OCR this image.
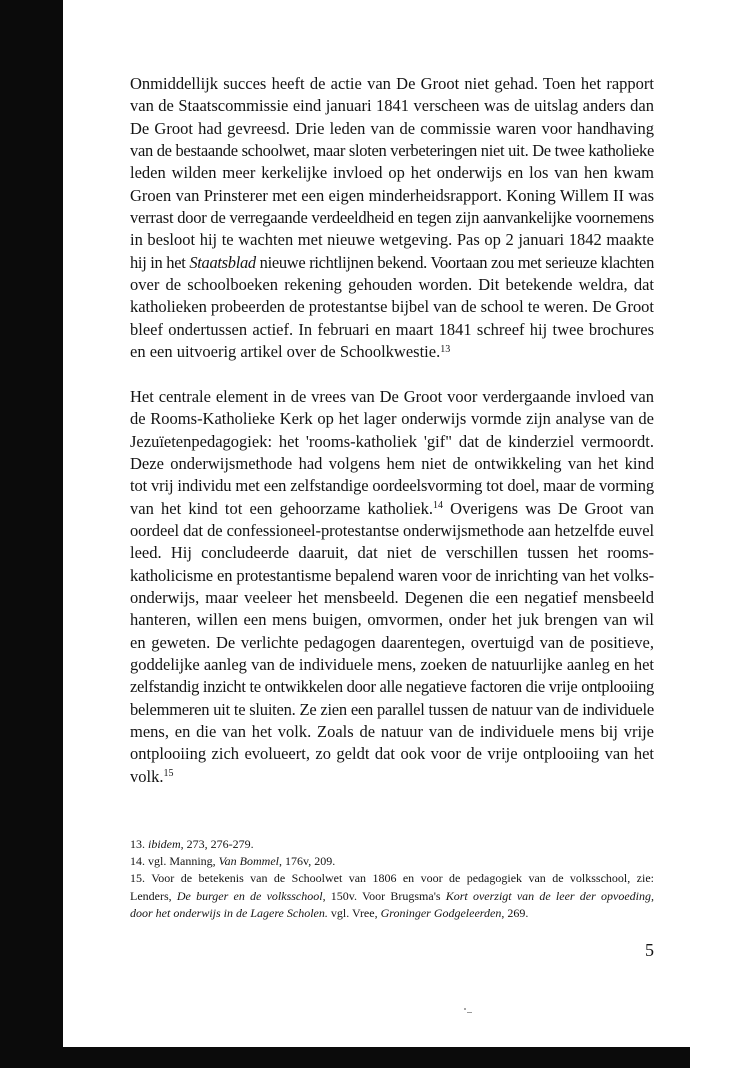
Onmiddellijk succes heeft de actie van De Groot niet gehad. Toen het rapport
van de Staatscommissie eind januari 1841 verscheen was de uitslag anders dan
De Groot had gevreesd. Drie leden van de commissie waren voor handhaving
van de bestaande schoolwet, maar sloten verbeteringen niet uit. De twee katholieke
leden wilden meer kerkelijke invloed op het onderwijs en los van hen kwam
Groen van Prinsterer met een eigen minderheidsrapport. Koning Willem II was
verrast door de verregaande verdeeldheid en tegen zijn aanvankelijke voornemens
in besloot hij te wachten met nieuwe wetgeving. Pas op 2 januari 1842 maakte
hij in het Staatsblad nieuwe richtlijnen bekend. Voortaan zou met serieuze klachten
over de schoolboeken rekening gehouden worden. Dit betekende weldra, dat
katholieken probeerden de protestantse bijbel van de school te weren. De Groot
bleef ondertussen actief. In februari en maart 1841 schreef hij twee brochures
en een uitvoerig artikel over de Schoolkwestie.$^{13}$
Het centrale element in de vrees van De Groot voor verdergaande invloed van
de Rooms-Katholieke Kerk op het lager onderwijs vormde zijn analyse van de
Jezuïetenpedagogiek: het 'rooms-katholiek 'gif" dat de kinderziel vermoordt.
Deze onderwijsmethode had volgens hem niet de ontwikkeling van het kind
tot vrij individu met een zelfstandige oordeelsvorming tot doel, maar de vorming
van het kind tot een gehoorzame katholiek.$^{14}$ Overigens was De Groot van
oordeel dat de confessioneel-protestantse onderwijsmethode aan hetzelfde euvel
leed. Hij concludeerde daaruit, dat niet de verschillen tussen het rooms-
katholicisme en protestantisme bepalend waren voor de inrichting van het volks-
onderwijs, maar veeleer het mensbeeld. Degenen die een negatief mensbeeld
hanteren, willen een mens buigen, omvormen, onder het juk brengen van wil
en geweten. De verlichte pedagogen daarentegen, overtuigd van de positieve,
goddelijke aanleg van de individuele mens, zoeken de natuurlijke aanleg en het
zelfstandig inzicht te ontwikkelen door alle negatieve factoren die vrije ontplooiing
belemmeren uit te sluiten. Ze zien een parallel tussen de natuur van de individuele
mens, en die van het volk. Zoals de natuur van de individuele mens bij vrije
ontplooiing zich evolueert, zo geldt dat ook voor de vrije ontplooiing van het
volk.$^{15}$
13. ibidem, 273, 276-279.
14. vgl. Manning, Van Bommel, 176v, 209.
15. Voor de betekenis van de Schoolwet van 1806 en voor de pedagogiek van de volksschool, zie:
Lenders, De burger en de volksschool, 150v. Voor Brugsma's Kort overzigt van de leer der opvoeding,
door het onderwijs in de Lagere Scholen. vgl. Vree, Groninger Godgeleerden, 269.
5
